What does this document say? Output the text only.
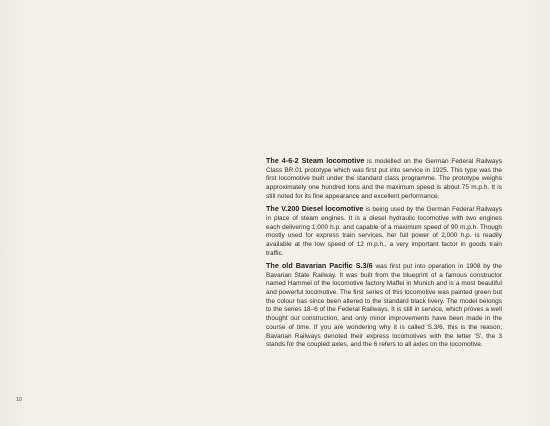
The 4-6-2 Steam locomotive is modelled on the German Federal Railways Class BR.01 prototype which was first put into service in 1925. This type was the first locomotive built under the standard class programme. The prototype weighs approximately one hundred tons and the maximum speed is about 75 m.p.h. It is still noted for its fine appearance and excellent performance.

The V.200 Diesel locomotive is being used by the German Federal Railways in place of steam engines. It is a diesel hydraulic locomotive with two engines each delivering 1,000 h.p. and capable of a maximum speed of 90 m.p.h. Though mostly used for express train services, her full power of 2,000 h.p. is readily available at the low speed of 12 m.p.h., a very important factor in goods train traffic.

The old Bavarian Pacific S.3/6 was first put into operation in 1908 by the Bavarian State Railway. It was built from the blueprint of a famous constructor named Hammel of the locomotive factory Maffei in Munich and is a most beautiful and powerful locomotive. The first series of this locomotive was painted green but the colour has since been altered to the standard black livery. The model belongs to the series 18–6 of the Federal Railways. It is still in service, which proves a well thought out construction, and only minor improvements have been made in the course of time. If you are wondering why it is called S.3/6, this is the reason; Bavarian Railways denoted their express locomotives with the letter 'S', the 3 stands for the coupled axles, and the 6 refers to all axles on the locomotive.

10
